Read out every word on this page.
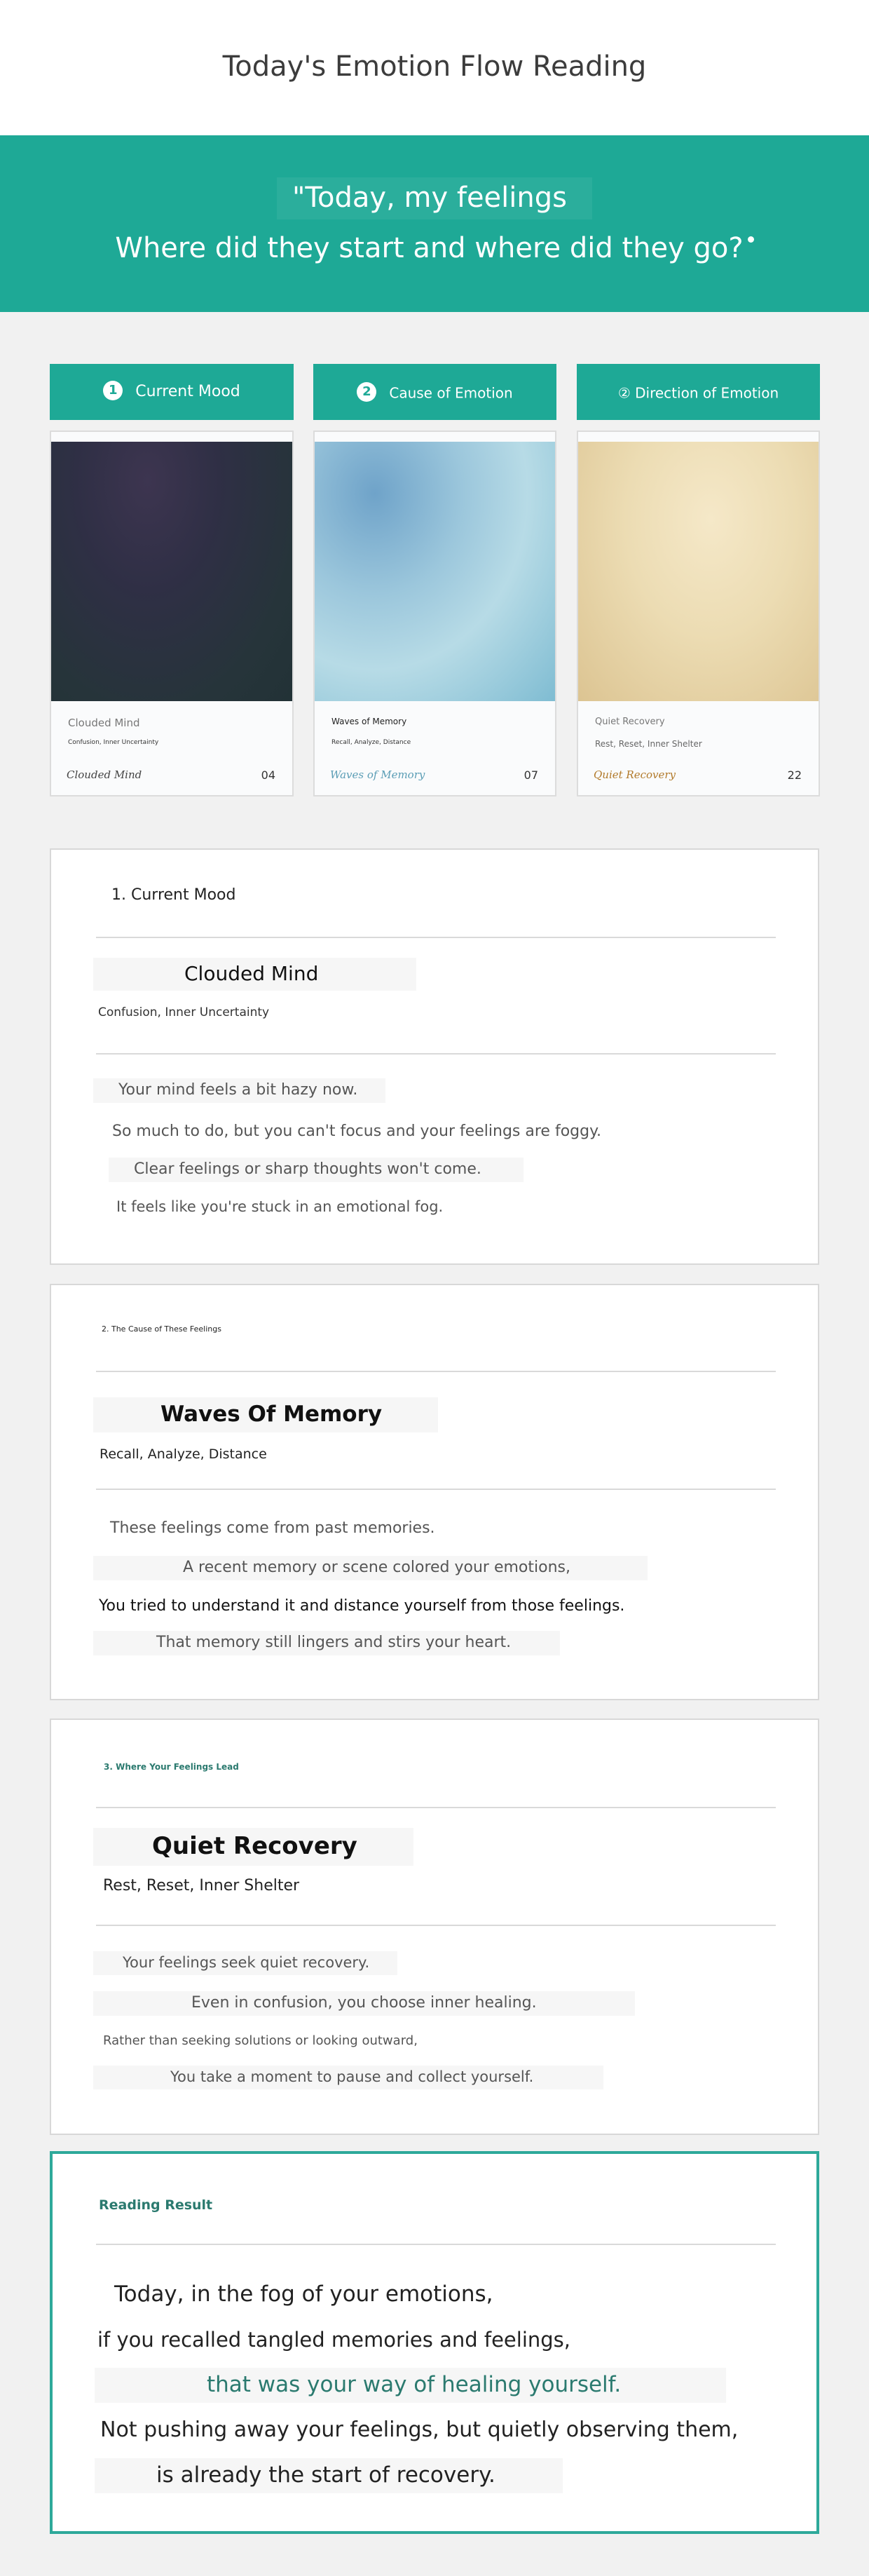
Today's Emotion Flow Reading
"Today, my feelings
Where did they start and where did they go?
1 Current Mood	2 Cause of Emotion	② Direction of Emotion
Clouded Mind
Confusion, Inner Uncertainty
Clouded Mind	04
Waves of Memory
Recall, Analyze, Distance
Waves of Memory	07
Quiet Recovery
Rest, Reset, Inner Shelter
Quiet Recovery	22
1. Current Mood
Clouded Mind
Confusion, Inner Uncertainty
Your mind feels a bit hazy now.
So much to do, but you can't focus and your feelings are foggy.
Clear feelings or sharp thoughts won't come.
It feels like you're stuck in an emotional fog.
2. The Cause of These Feelings
Waves Of Memory
Recall, Analyze, Distance
These feelings come from past memories.
A recent memory or scene colored your emotions,
You tried to understand it and distance yourself from those feelings.
That memory still lingers and stirs your heart.
3. Where Your Feelings Lead
Quiet Recovery
Rest, Reset, Inner Shelter
Your feelings seek quiet recovery.
Even in confusion, you choose inner healing.
Rather than seeking solutions or looking outward,
You take a moment to pause and collect yourself.
Reading Result
Today, in the fog of your emotions,
if you recalled tangled memories and feelings,
that was your way of healing yourself.
Not pushing away your feelings, but quietly observing them,
is already the start of recovery.
